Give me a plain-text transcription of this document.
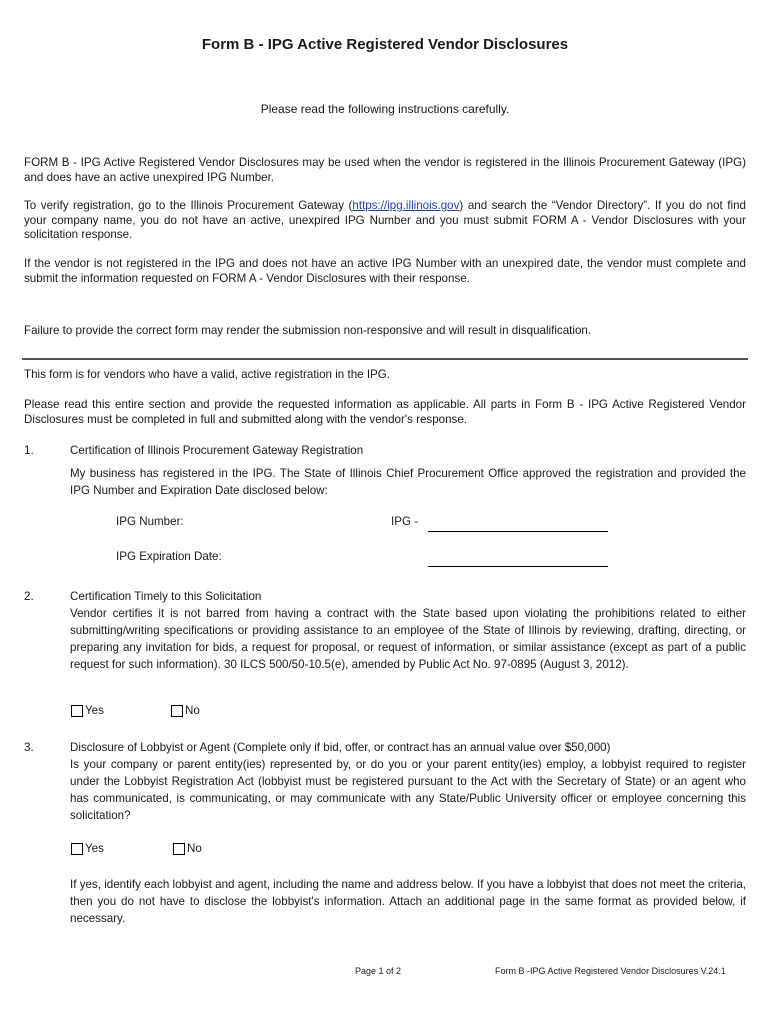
Form B - IPG Active Registered Vendor Disclosures
Please read the following instructions carefully.
FORM B - IPG Active Registered Vendor Disclosures may be used when the vendor is registered in the Illinois Procurement Gateway (IPG) and does have an active unexpired IPG Number.
To verify registration, go to the Illinois Procurement Gateway (https://ipg.illinois.gov) and search the “Vendor Directory”. If you do not find your company name, you do not have an active, unexpired IPG Number and you must submit FORM A - Vendor Disclosures with your solicitation response.
If the vendor is not registered in the IPG and does not have an active IPG Number with an unexpired date, the vendor must complete and submit the information requested on FORM A - Vendor Disclosures with their response.
Failure to provide the correct form may render the submission non-responsive and will result in disqualification.
This form is for vendors who have a valid, active registration in the IPG.
Please read this entire section and provide the requested information as applicable. All parts in Form B - IPG Active Registered Vendor Disclosures must be completed in full and submitted along with the vendor's response.
1.	Certification of Illinois Procurement Gateway Registration
My business has registered in the IPG. The State of Illinois Chief Procurement Office approved the registration and provided the IPG Number and Expiration Date disclosed below:
IPG Number:	IPG -
IPG Expiration Date:
2.	Certification Timely to this Solicitation
Vendor certifies it is not barred from having a contract with the State based upon violating the prohibitions related to either submitting/writing specifications or providing assistance to an employee of the State of Illinois by reviewing, drafting, directing, or preparing any invitation for bids, a request for proposal, or request of information, or similar assistance (except as part of a public request for such information). 30 ILCS 500/50-10.5(e), amended by Public Act No. 97-0895 (August 3, 2012).
Yes	No
3.	Disclosure of Lobbyist or Agent (Complete only if bid, offer, or contract has an annual value over $50,000)
Is your company or parent entity(ies) represented by, or do you or your parent entity(ies) employ, a lobbyist required to register under the Lobbyist Registration Act (lobbyist must be registered pursuant to the Act with the Secretary of State) or an agent who has communicated, is communicating, or may communicate with any State/Public University officer or employee concerning this solicitation?
Yes	No
If yes, identify each lobbyist and agent, including the name and address below. If you have a lobbyist that does not meet the criteria, then you do not have to disclose the lobbyist's information. Attach an additional page in the same format as provided below, if necessary.
Page 1 of 2	Form B -IPG Active Registered Vendor Disclosures V.24.1
